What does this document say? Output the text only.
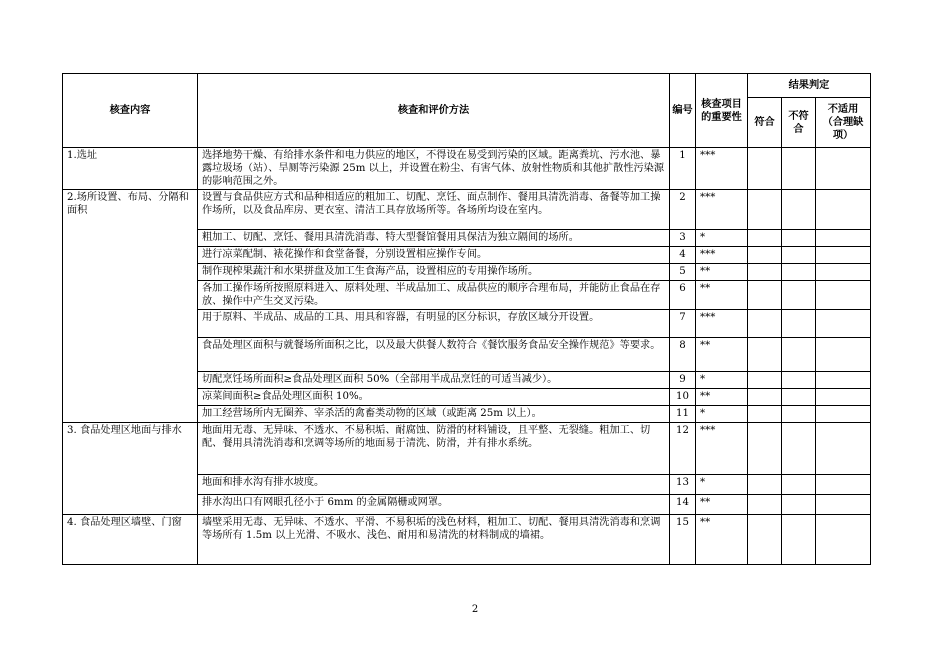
核查内容	核查和评价方法	编号	核查项目的重要性	结果判定		
				符合	不符合	不适用（合理缺项）
1.选址	选择地势干燥、有给排水条件和电力供应的地区，不得设在易受到污染的区域。距离粪坑、污水池、暴露垃圾场（站）、旱厕等污染源 25m 以上，并设置在粉尘、有害气体、放射性物质和其他扩散性污染源的影响范围之外。	1	***			
2.场所设置、布局、分隔和面积	设置与食品供应方式和品种相适应的粗加工、切配、烹饪、面点制作、餐用具清洗消毒、备餐等加工操作场所，以及食品库房、更衣室、清洁工具存放场所等。各场所均设在室内。	2	***			
	粗加工、切配、烹饪、餐用具清洗消毒、特大型餐馆餐用具保洁为独立隔间的场所。	3	*			
	进行凉菜配制、裱花操作和食堂备餐，分别设置相应操作专间。	4	***			
	制作现榨果蔬汁和水果拼盘及加工生食海产品，设置相应的专用操作场所。	5	**			
	各加工操作场所按照原料进入、原料处理、半成品加工、成品供应的顺序合理布局，并能防止食品在存放、操作中产生交叉污染。	6	**			
	用于原料、半成品、成品的工具、用具和容器，有明显的区分标识，存放区域分开设置。	7	***			
	食品处理区面积与就餐场所面积之比，以及最大供餐人数符合《餐饮服务食品安全操作规范》等要求。	8	**			
	切配烹饪场所面积≥食品处理区面积 50%（全部用半成品烹饪的可适当减少）。	9	*			
	凉菜间面积≥食品处理区面积 10%。	10	**			
	加工经营场所内无圈养、宰杀活的禽畜类动物的区域（或距离 25m 以上）。	11	*			
3. 食品处理区地面与排水	地面用无毒、无异味、不透水、不易积垢、耐腐蚀、防滑的材料铺设，且平整、无裂缝。粗加工、切配、餐用具清洗消毒和烹调等场所的地面易于清洗、防滑，并有排水系统。	12	***			
	地面和排水沟有排水坡度。	13	*			
	排水沟出口有网眼孔径小于 6mm 的金属隔栅或网罩。	14	**			
4. 食品处理区墙壁、门窗	墙壁采用无毒、无异味、不透水、平滑、不易积垢的浅色材料，粗加工、切配、餐用具清洗消毒和烹调等场所有 1.5m 以上光滑、不吸水、浅色、耐用和易清洗的材料制成的墙裙。	15	**			
2
